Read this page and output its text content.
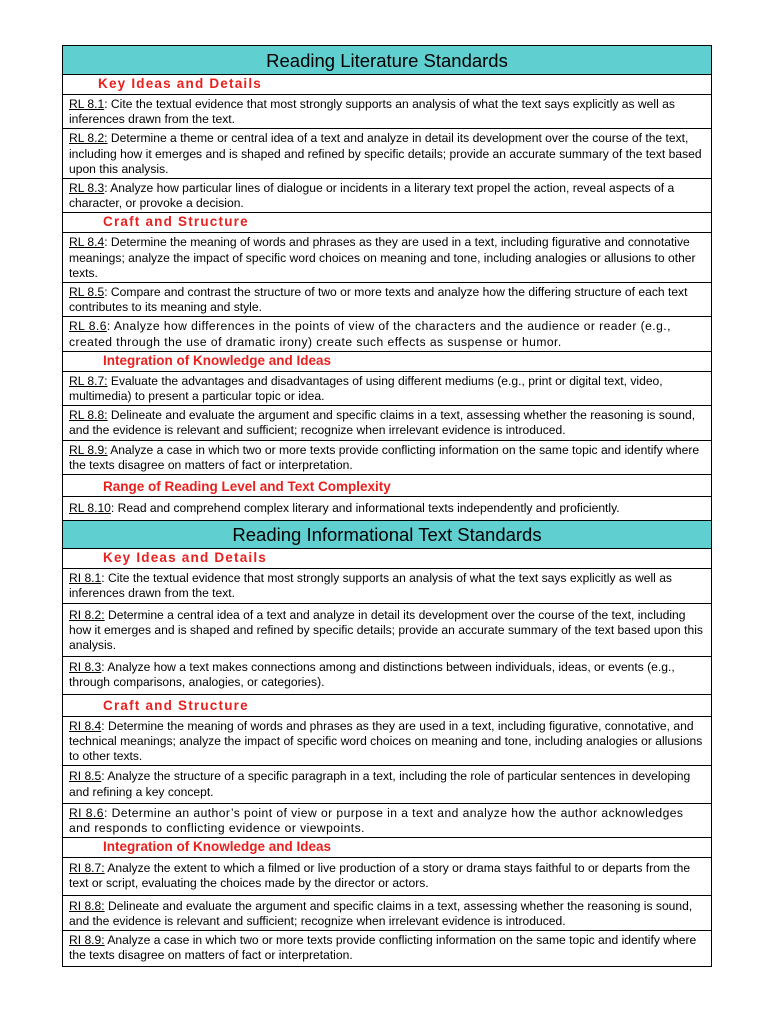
Reading Literature Standards
Key Ideas and Details
RL 8.1: Cite the textual evidence that most strongly supports an analysis of what the text says explicitly as well as inferences drawn from the text.
RL 8.2: Determine a theme or central idea of a text and analyze in detail its development over the course of the text, including how it emerges and is shaped and refined by specific details; provide an accurate summary of the text based upon this analysis.
RL 8.3: Analyze how particular lines of dialogue or incidents in a literary text propel the action, reveal aspects of a character, or provoke a decision.
Craft and Structure
RL 8.4: Determine the meaning of words and phrases as they are used in a text, including figurative and connotative meanings; analyze the impact of specific word choices on meaning and tone, including analogies or allusions to other texts.
RL 8.5: Compare and contrast the structure of two or more texts and analyze how the differing structure of each text contributes to its meaning and style.
RL 8.6: Analyze how differences in the points of view of the characters and the audience or reader (e.g., created through the use of dramatic irony) create such effects as suspense or humor.
Integration of Knowledge and Ideas
RL 8.7: Evaluate the advantages and disadvantages of using different mediums (e.g., print or digital text, video, multimedia) to present a particular topic or idea.
RL 8.8: Delineate and evaluate the argument and specific claims in a text, assessing whether the reasoning is sound, and the evidence is relevant and sufficient; recognize when irrelevant evidence is introduced.
RL 8.9: Analyze a case in which two or more texts provide conflicting information on the same topic and identify where the texts disagree on matters of fact or interpretation.
Range of Reading Level and Text Complexity
RL 8.10: Read and comprehend complex literary and informational texts independently and proficiently.
Reading Informational Text Standards
Key Ideas and Details
RI 8.1: Cite the textual evidence that most strongly supports an analysis of what the text says explicitly as well as inferences drawn from the text.
RI 8.2: Determine a central idea of a text and analyze in detail its development over the course of the text, including how it emerges and is shaped and refined by specific details; provide an accurate summary of the text based upon this analysis.
RI 8.3: Analyze how a text makes connections among and distinctions between individuals, ideas, or events (e.g., through comparisons, analogies, or categories).
Craft and Structure
RI 8.4: Determine the meaning of words and phrases as they are used in a text, including figurative, connotative, and technical meanings; analyze the impact of specific word choices on meaning and tone, including analogies or allusions to other texts.
RI 8.5: Analyze the structure of a specific paragraph in a text, including the role of particular sentences in developing and refining a key concept.
RI 8.6: Determine an author’s point of view or purpose in a text and analyze how the author acknowledges and responds to conflicting evidence or viewpoints.
Integration of Knowledge and Ideas
RI 8.7: Analyze the extent to which a filmed or live production of a story or drama stays faithful to or departs from the text or script, evaluating the choices made by the director or actors.
RI 8.8: Delineate and evaluate the argument and specific claims in a text, assessing whether the reasoning is sound, and the evidence is relevant and sufficient; recognize when irrelevant evidence is introduced.
RI 8.9: Analyze a case in which two or more texts provide conflicting information on the same topic and identify where the texts disagree on matters of fact or interpretation.
